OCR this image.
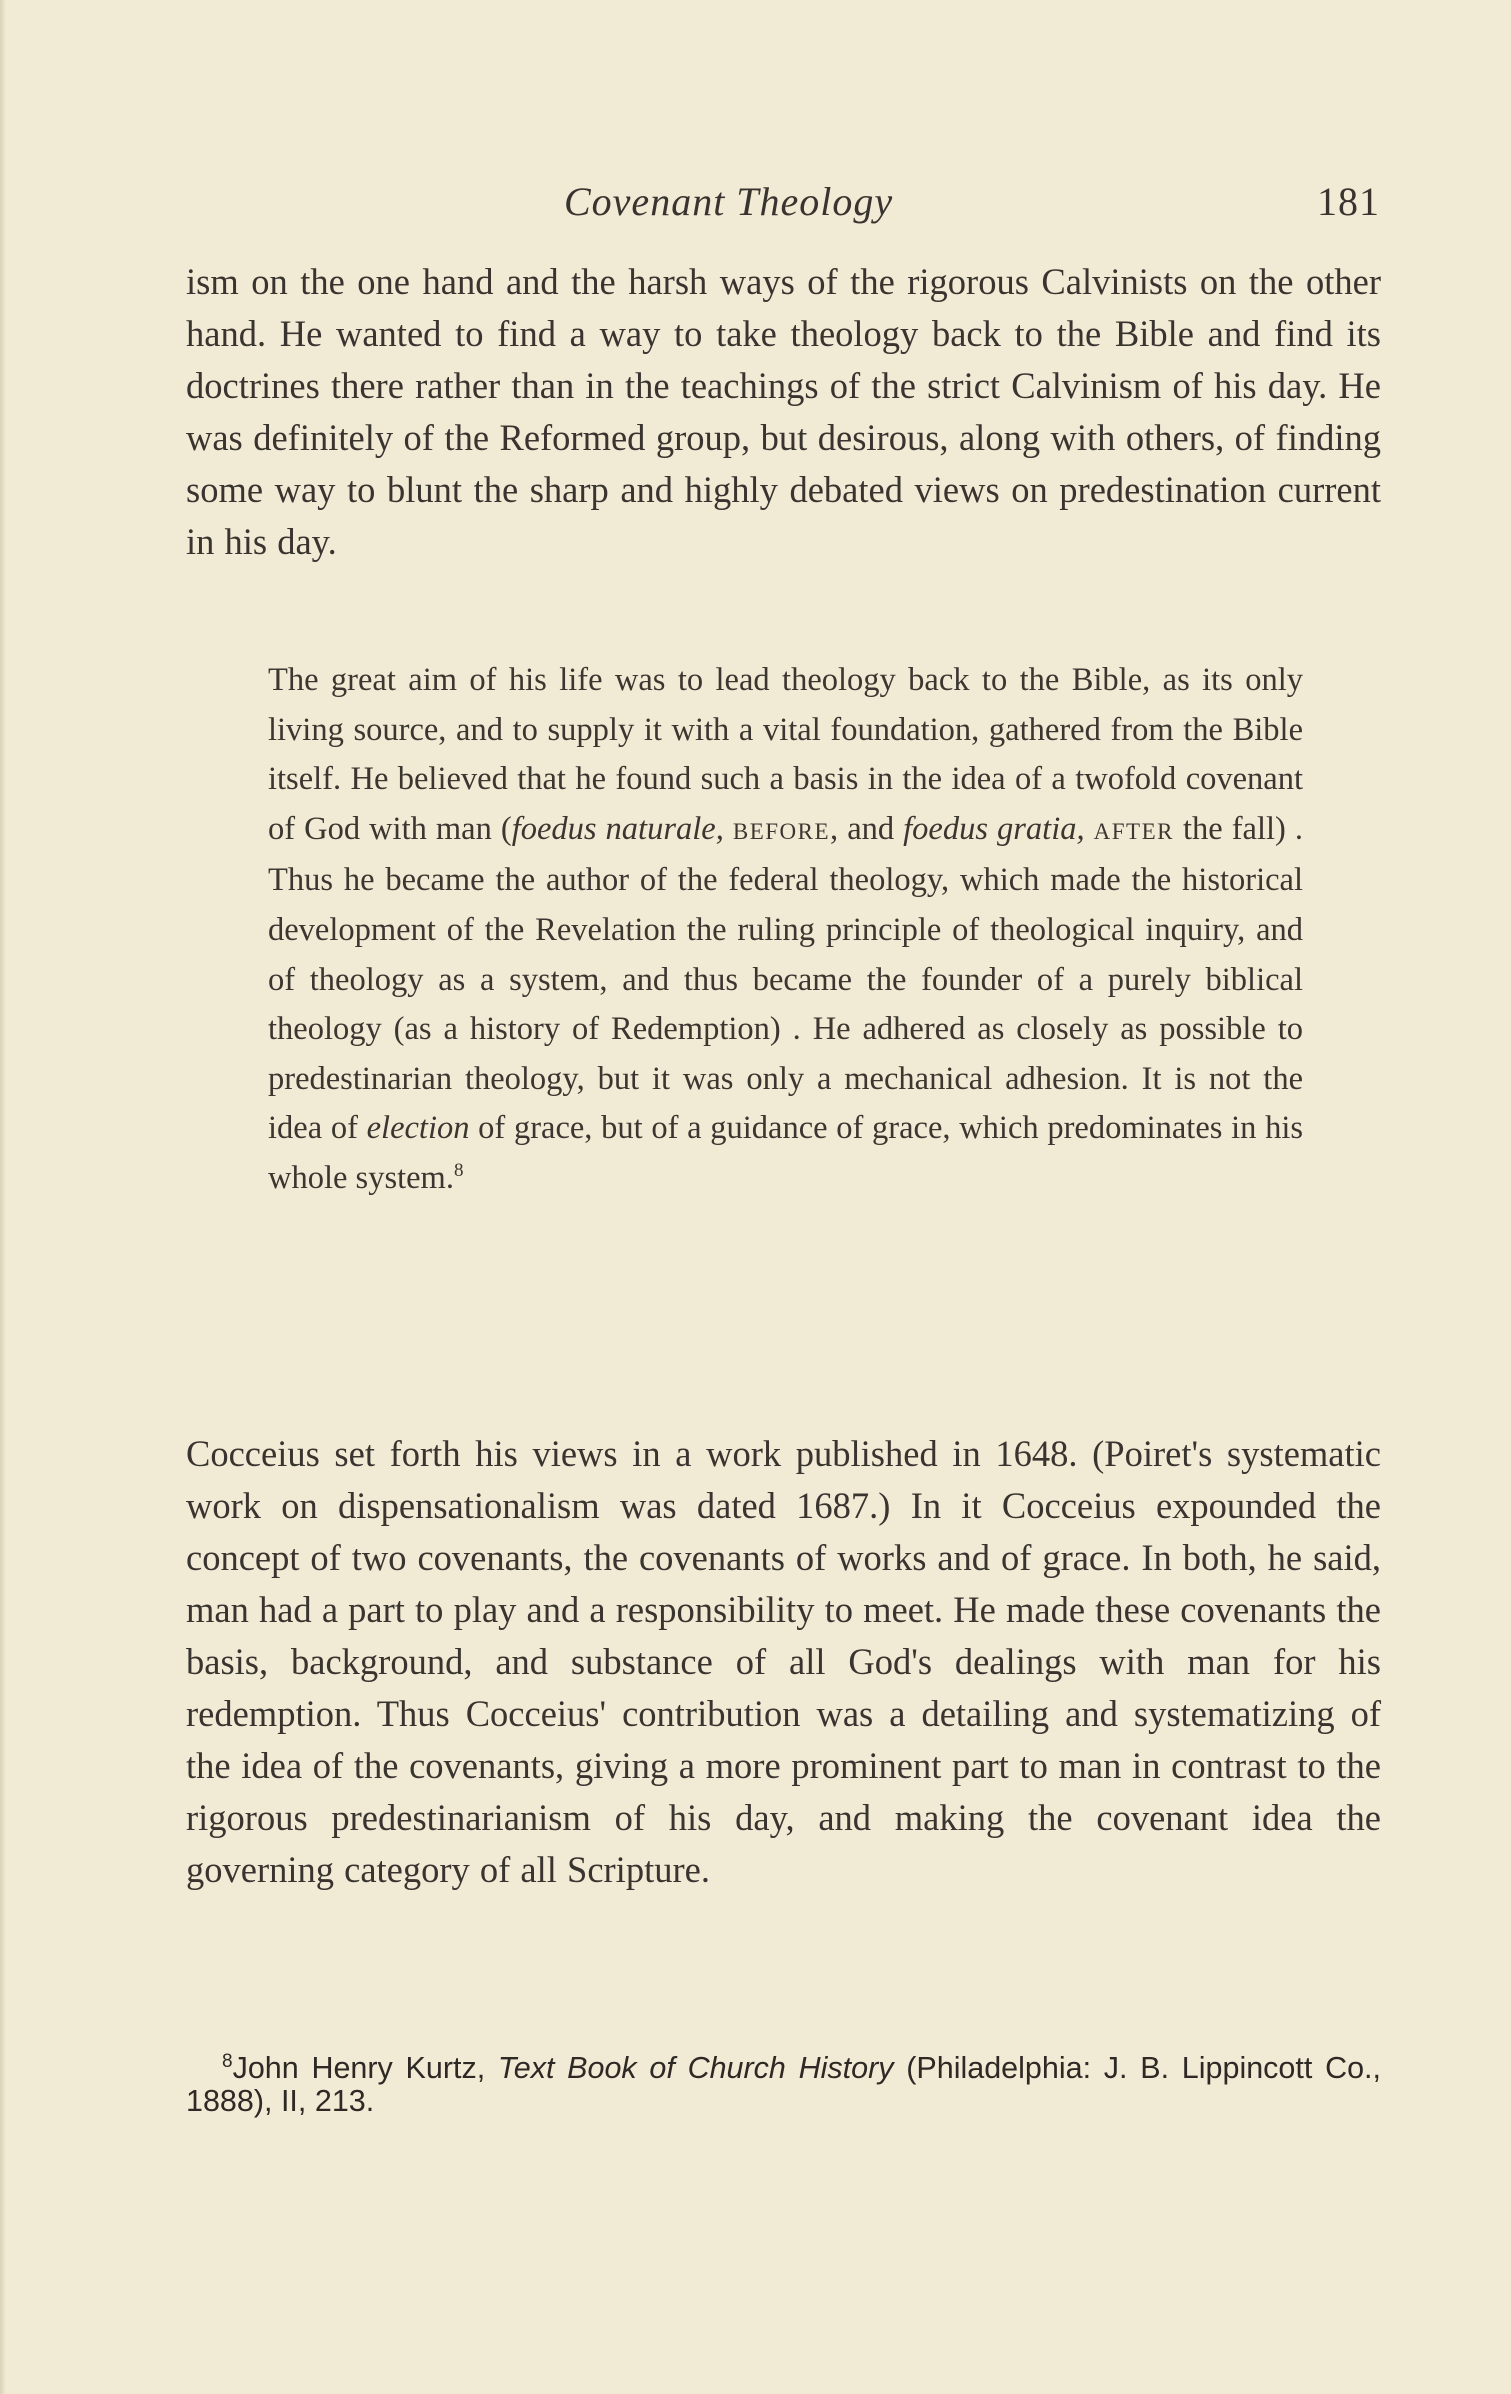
Covenant Theology	181

ism on the one hand and the harsh ways of the rigorous Calvinists on the other hand. He wanted to find a way to take theology back to the Bible and find its doctrines there rather than in the teachings of the strict Calvinism of his day. He was definitely of the Reformed group, but desirous, along with others, of finding some way to blunt the sharp and highly debated views on predestination current in his day.

The great aim of his life was to lead theology back to the Bible, as its only living source, and to supply it with a vital foundation, gathered from the Bible itself. He believed that he found such a basis in the idea of a twofold covenant of God with man (foedus naturale, BEFORE, and foedus gratia, AFTER the fall) . Thus he became the author of the federal theology, which made the historical development of the Revelation the ruling principle of theological inquiry, and of theology as a system, and thus became the founder of a purely biblical theology (as a history of Redemption) . He adhered as closely as possible to predestinarian theology, but it was only a mechanical adhesion. It is not the idea of election of grace, but of a guidance of grace, which predominates in his whole system.$^8$

Cocceius set forth his views in a work published in 1648. (Poiret's systematic work on dispensationalism was dated 1687.) In it Cocceius expounded the concept of two covenants, the covenants of works and of grace. In both, he said, man had a part to play and a responsibility to meet. He made these covenants the basis, background, and substance of all God's dealings with man for his redemption. Thus Cocceius' contribution was a detailing and systematizing of the idea of the covenants, giving a more prominent part to man in contrast to the rigorous predestinarianism of his day, and making the covenant idea the governing category of all Scripture.

$^8$John Henry Kurtz, Text Book of Church History (Philadelphia: J. B. Lippincott Co., 1888), II, 213.
